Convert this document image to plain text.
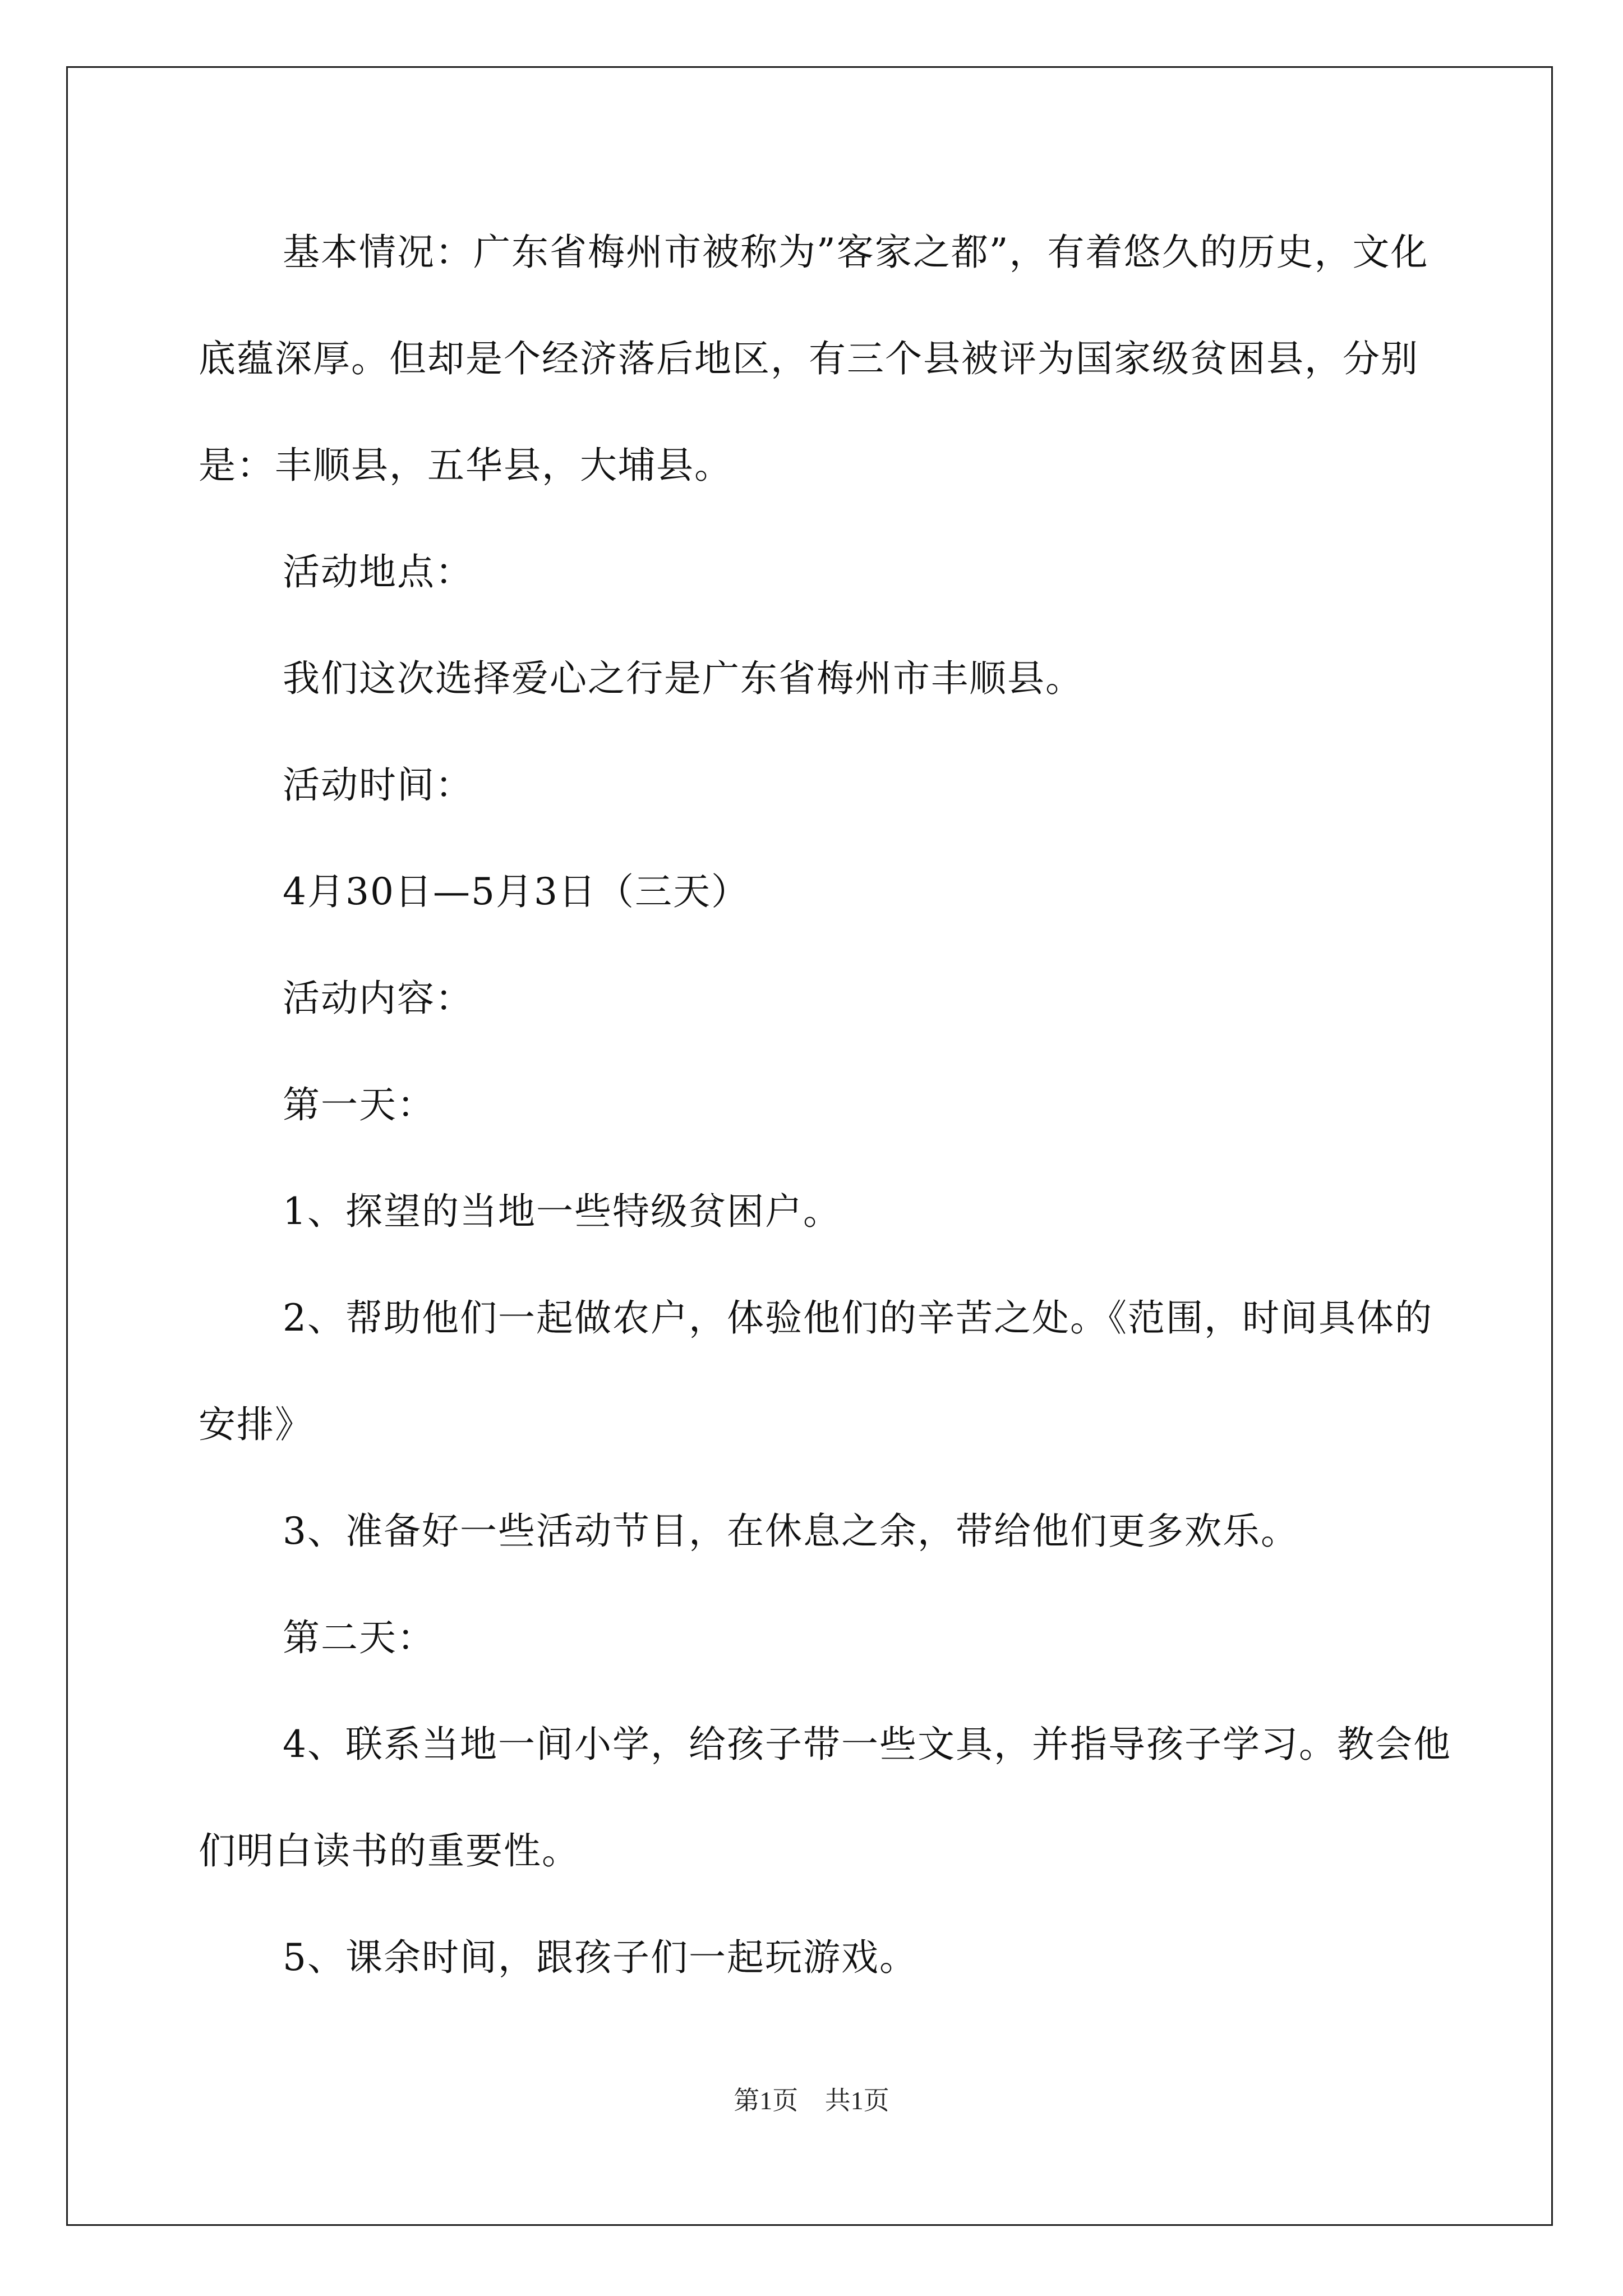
基本情况：广东省梅州市被称为”客家之都”，有着悠久的历史，文化底蕴深厚。但却是个经济落后地区，有三个县被评为国家级贫困县，分别是：丰顺县，五华县，大埔县。

活动地点：

我们这次选择爱心之行是广东省梅州市丰顺县。

活动时间：

4月30日—5月3日（三天）

活动内容：

第一天：

1、探望的当地一些特级贫困户。

2、帮助他们一起做农户，体验他们的辛苦之处。《范围，时间具体的安排》

3、准备好一些活动节目，在休息之余，带给他们更多欢乐。

第二天：

4、联系当地一间小学，给孩子带一些文具，并指导孩子学习。教会他们明白读书的重要性。

5、课余时间，跟孩子们一起玩游戏。

第1页 共1页
